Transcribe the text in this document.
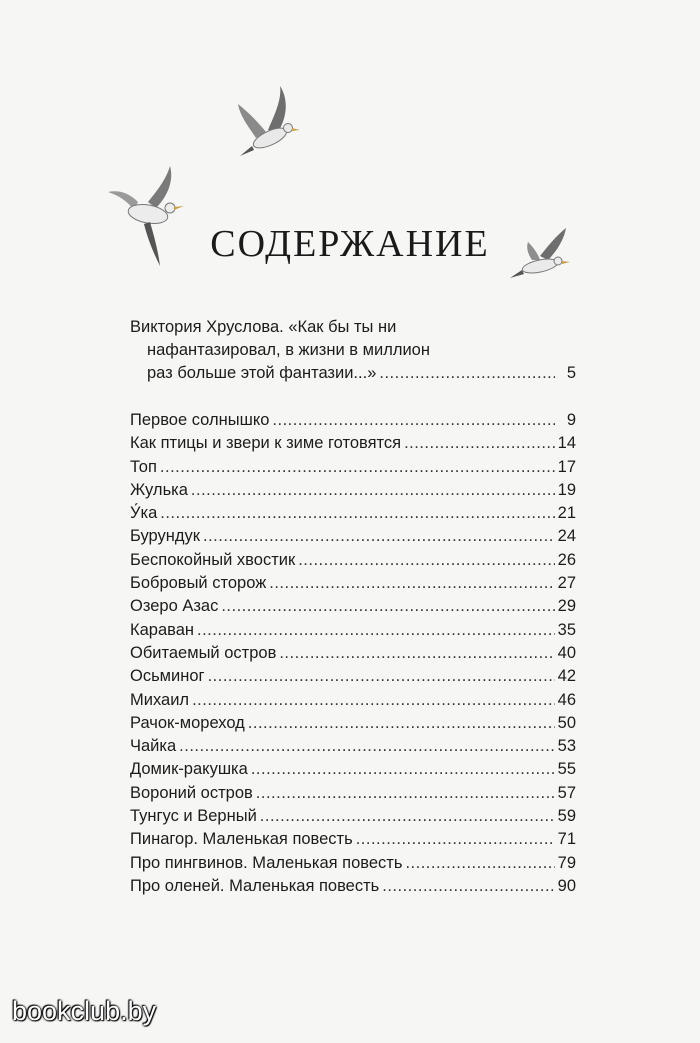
СОДЕРЖАНИЕ
Виктория Хруслова. «Как бы ты ни
нафантазировал, в жизни в миллион
раз больше этой фантазии...» .....	5
Первое солнышко .....	9
Как птицы и звери к зиме готовятся .....	14
Топ .....	17
Жулька .....	19
У́ка .....	21
Бурундук .....	24
Беспокойный хвостик .....	26
Бобровый сторож .....	27
Озеро Азас .....	29
Караван .....	35
Обитаемый остров .....	40
Осьминог .....	42
Михаил .....	46
Рачок-мореход .....	50
Чайка .....	53
Домик-ракушка .....	55
Вороний остров .....	57
Тунгус и Верный .....	59
Пинагор. Маленькая повесть .....	71
Про пингвинов. Маленькая повесть .....	79
Про оленей. Маленькая повесть .....	90
bookclub.by
